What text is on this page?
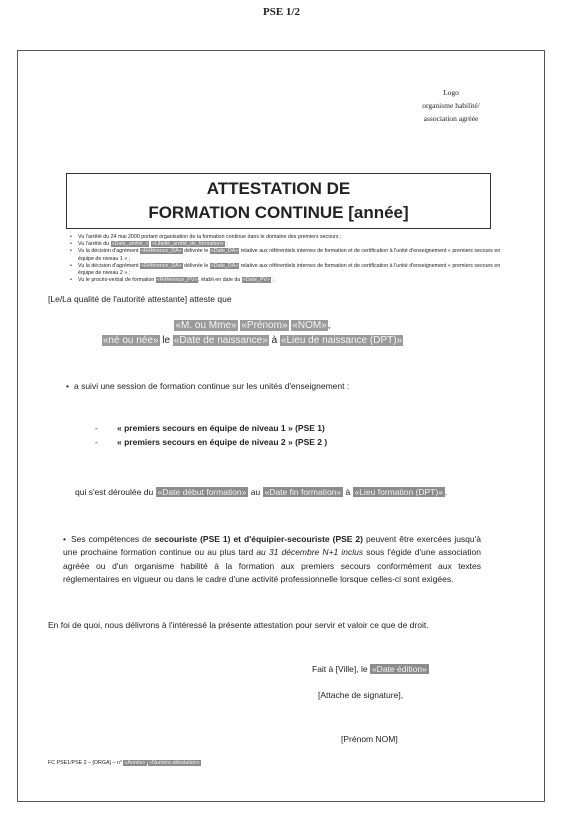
PSE 1/2
Logo
organisme habilité/
association agréée
ATTESTATION DE
FORMATION CONTINUE [année]
• Vu l'arrêté du 24 mai 2000 portant organisation de la formation continue dans le domaine des premiers secours ;
• Vu l'arrêté du «Date_arrêté_» «Libellé_arrêté_de_formation» ;
• Vu la décision d'agrément «Référence_DA» délivrée le «Date_DA» relative aux référentiels internes de formation et de certification à l'unité d'enseignement « premiers secours en équipe de niveau 1 » ;
• Vu la décision d'agrément «Référence_DA» délivrée le «Date_DA» relative aux référentiels internes de formation et de certification à l'unité d'enseignement « premiers secours en équipe de niveau 2 » ;
• Vu le procès-verbal de formation «Référence_PV», établi en date du «Date_PV» ;
[Le/La qualité de l'autorité attestante] atteste que
«M. ou Mme» «Prénom» «NOM»,
«né ou née» le «Date de naissance» à «Lieu de naissance (DPT)»
• a suivi une session de formation continue sur les unités d'enseignement :
- « premiers secours en équipe de niveau 1 » (PSE 1)
- « premiers secours en équipe de niveau 2 » (PSE 2 )
qui s'est déroulée du «Date début formation» au «Date fin formation» à «Lieu formation (DPT)» .

• Ses compétences de secouriste (PSE 1) et d'équipier-secouriste (PSE 2) peuvent être exercées jusqu'à une prochaine formation continue ou au plus tard au 31 décembre N+1 inclus sous l'égide d'une association agréée ou d'un organisme habilité à la formation aux premiers secours conformément aux textes réglementaires en vigueur ou dans le cadre d'une activité professionnelle lorsque celles-ci sont exigées.

En foi de quoi, nous délivrons à l'intéressé la présente attestation pour servir et valoir ce que de droit.
Fait à [Ville], le «Date édition»
[Attache de signature],
[Prénom NOM]
FC PSE1/PSE 2 – [ORGA] – n° «Année» «Numéro attestation»
